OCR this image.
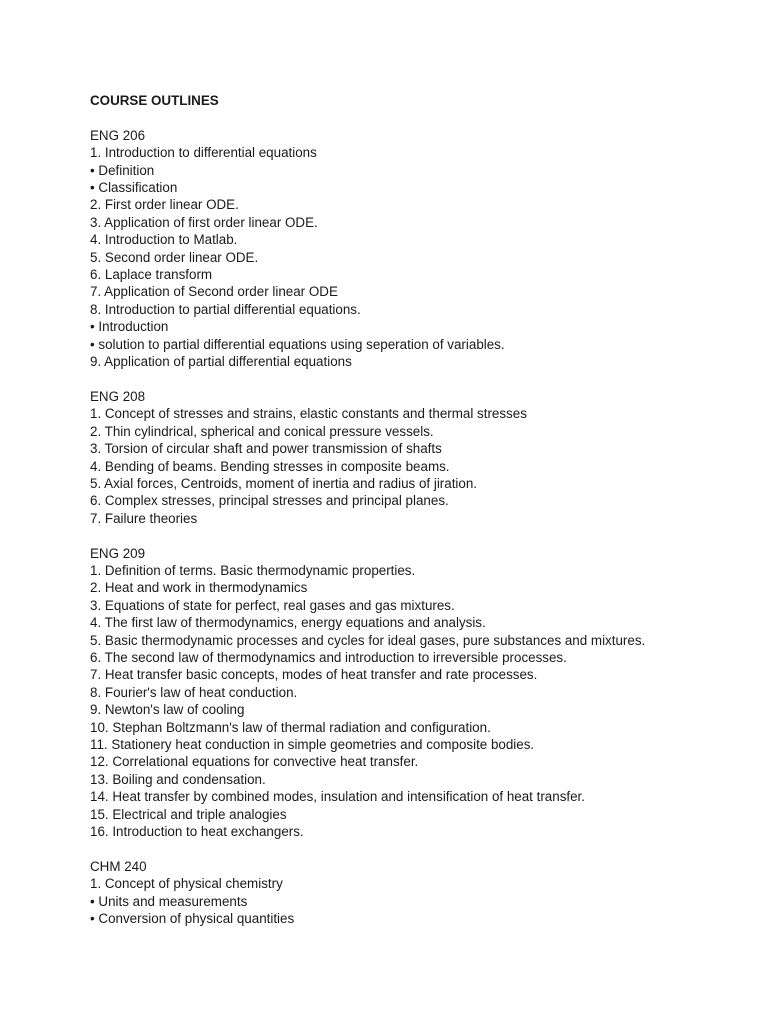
COURSE OUTLINES
ENG 206
1. Introduction to differential equations
• Definition
• Classification
2. First order linear ODE.
3. Application of first order linear ODE.
4. Introduction to Matlab.
5. Second order linear ODE.
6. Laplace transform
7. Application of Second order linear ODE
8. Introduction to partial differential equations.
• Introduction
• solution to partial differential equations using seperation of variables.
9. Application of partial differential equations
ENG 208
1. Concept of stresses and strains, elastic constants and thermal stresses
2. Thin cylindrical, spherical and conical pressure vessels.
3. Torsion of circular shaft and power transmission of shafts
4. Bending of beams. Bending stresses in composite beams.
5. Axial forces, Centroids, moment of inertia and radius of jiration.
6. Complex stresses, principal stresses and principal planes.
7. Failure theories
ENG 209
1. Definition of terms. Basic thermodynamic properties.
2. Heat and work in thermodynamics
3. Equations of state for perfect, real gases and gas mixtures.
4. The first law of thermodynamics, energy equations and analysis.
5. Basic thermodynamic processes and cycles for ideal gases, pure substances and mixtures.
6. The second law of thermodynamics and introduction to irreversible processes.
7. Heat transfer basic concepts, modes of heat transfer and rate processes.
8. Fourier's law of heat conduction.
9. Newton's law of cooling
10. Stephan Boltzmann's law of thermal radiation and configuration.
11. Stationery heat conduction in simple geometries and composite bodies.
12. Correlational equations for convective heat transfer.
13. Boiling and condensation.
14. Heat transfer by combined modes, insulation and intensification of heat transfer.
15. Electrical and triple analogies
16. Introduction to heat exchangers.
CHM 240
1. Concept of physical chemistry
• Units and measurements
• Conversion of physical quantities
